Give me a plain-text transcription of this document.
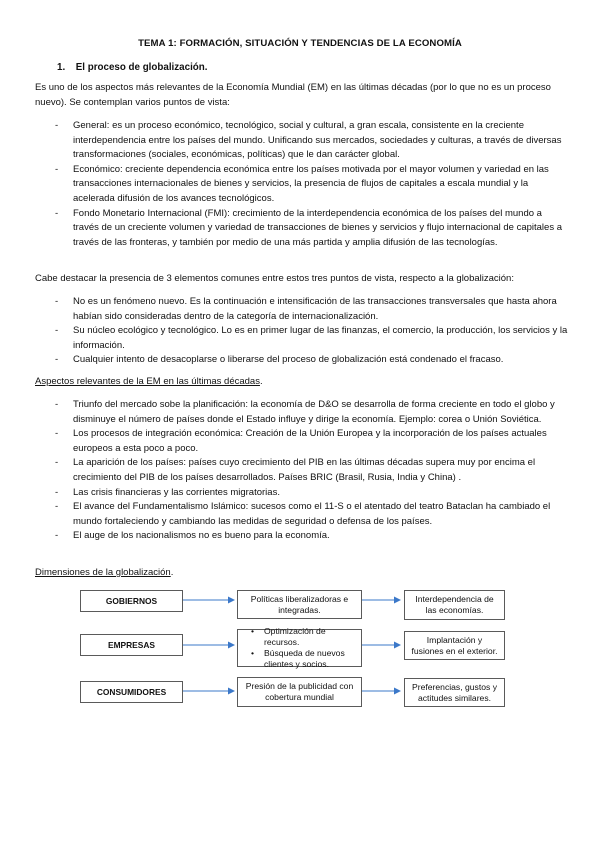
TEMA 1: FORMACIÓN, SITUACIÓN Y TENDENCIAS DE LA ECONOMÍA
1. El proceso de globalización.
Es uno de los aspectos más relevantes de la Economía Mundial (EM) en las últimas décadas (por lo que no es un proceso nuevo). Se contemplan varios puntos de vista:
- General: es un proceso económico, tecnológico, social y cultural, a gran escala, consistente en la creciente interdependencia entre los países del mundo. Unificando sus mercados, sociedades y culturas, a través de diversas transformaciones (sociales, económicas, políticas) que le dan carácter global.
- Económico: creciente dependencia económica entre los países motivada por el mayor volumen y variedad en las transacciones internacionales de bienes y servicios, la presencia de flujos de capitales a escala mundial y la acelerada difusión de los avances tecnológicos.
- Fondo Monetario Internacional (FMI): crecimiento de la interdependencia económica de los países del mundo a través de un creciente volumen y variedad de transacciones de bienes y servicios y flujo internacional de capitales a través de las fronteras, y también por medio de una más partida y amplia difusión de las tecnologías.
Cabe destacar la presencia de 3 elementos comunes entre estos tres puntos de vista, respecto a la globalización:
- No es un fenómeno nuevo. Es la continuación e intensificación de las transacciones transversales que hasta ahora habían sido consideradas dentro de la categoría de internacionalización.
- Su núcleo ecológico y tecnológico. Lo es en primer lugar de las finanzas, el comercio, la producción, los servicios y la información.
- Cualquier intento de desacoplarse o liberarse del proceso de globalización está condenado el fracaso.
Aspectos relevantes de la EM en las últimas décadas.
- Triunfo del mercado sobe la planificación: la economía de D&O se desarrolla de forma creciente en todo el globo y disminuye el número de países donde el Estado influye y dirige la economía. Ejemplo: corea o Unión Soviética.
- Los procesos de integración económica: Creación de la Unión Europea y la incorporación de los países actuales europeos a esta poco a poco.
- La aparición de los países: países cuyo crecimiento del PIB en las últimas décadas supera muy por encima el crecimiento del PIB de los países desarrollados. Países BRIC (Brasil, Rusia, India y China) .
- Las crisis financieras y las corrientes migratorias.
- El avance del Fundamentalismo Islámico: sucesos como el 11-S o el atentado del teatro Bataclan ha cambiado el mundo fortaleciendo y cambiando las medidas de seguridad o defensa de los países.
- El auge de los nacionalismos no es bueno para la economía.
Dimensiones de la globalización.
GOBIERNOS	Políticas liberalizadoras e integradas.
Interdependencia de las economías.
EMPRESAS
• Optimización de recursos.
• Búsqueda de nuevos clientes y socios.
Implantación y fusiones en el exterior.
CONSUMIDORES
Presión de la publicidad con cobertura mundial
Preferencias, gustos y actitudes similares.
